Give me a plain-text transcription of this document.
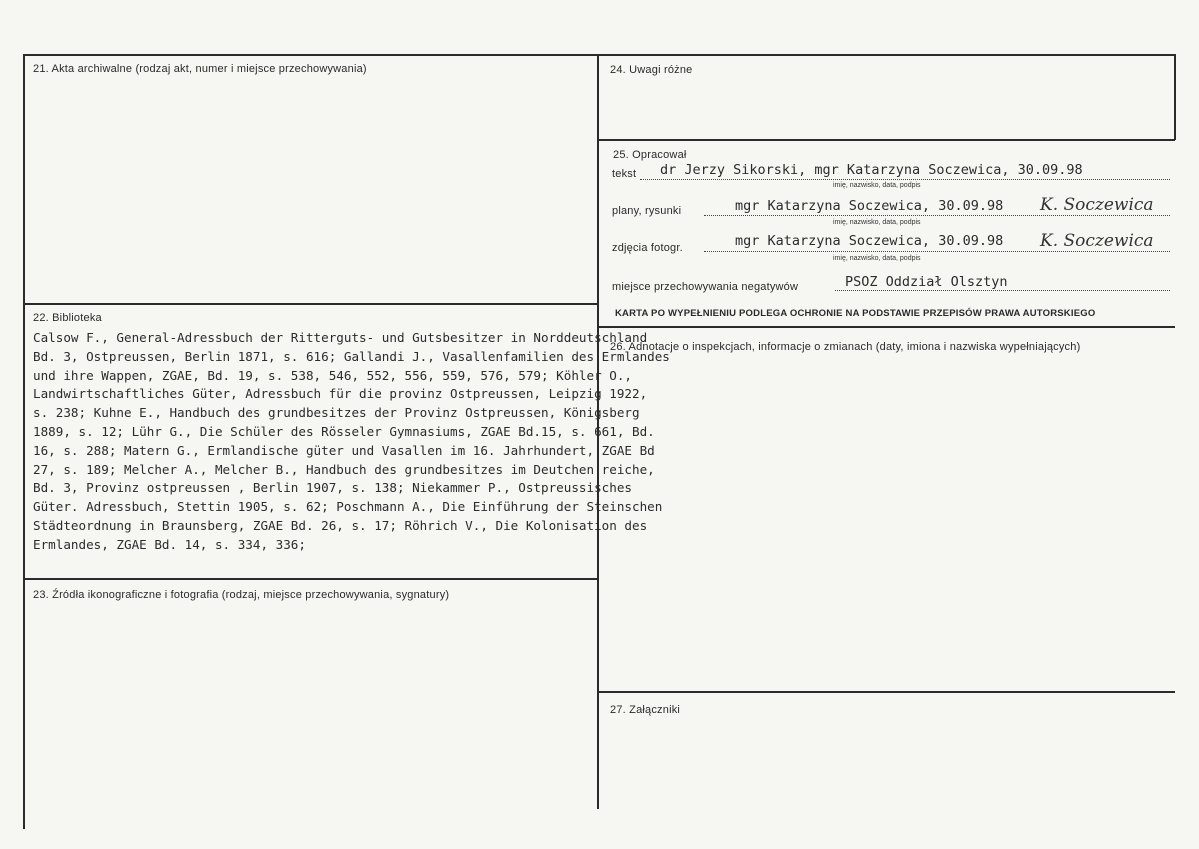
21. Akta archiwalne (rodzaj akt, numer i miejsce przechowywania)
22. Biblioteka
23. Źródła ikonograficzne i fotografia (rodzaj, miejsce przechowywania, sygnatury)
24. Uwagi różne
25. Opracował
26. Adnotacje o inspekcjach, informacje o zmianach (daty, imiona i nazwiska wypełniających)
27. Załączniki
tekst dr Jerzy Sikorski, mgr Katarzyna Soczewica, 30.09.98
imię, nazwisko, data, podpis
plany, rysunki	mgr Katarzyna Soczewica, 30.09.98 K. Soczewica
imię, nazwisko, data, podpis
zdjęcia fotogr.	mgr Katarzyna Soczewica, 30.09.98 K. Soczewica
imię, nazwisko, data, podpis
miejsce przechowywania negatywów	PSOZ Oddział Olsztyn
KARTA PO WYPEŁNIENIU PODLEGA OCHRONIE NA PODSTAWIE PRZEPISÓW PRAWA AUTORSKIEGO
Calsow F., General-Adressbuch der Ritterguts- und Gutsbesitzer in Norddeutschland
Bd. 3, Ostpreussen, Berlin 1871, s. 616; Gallandi J., Vasallenfamilien des Ermlandes
und ihre Wappen, ZGAE, Bd. 19, s. 538, 546, 552, 556, 559, 576, 579; Köhler O.,
Landwirtschaftliches Güter, Adressbuch für die provinz Ostpreussen, Leipzig 1922,
s. 238; Kuhne E., Handbuch des grundbesitzes der Provinz Ostpreussen, Königsberg
1889, s. 12; Lühr G., Die Schüler des Rösseler Gymnasiums, ZGAE Bd.15, s. 661, Bd.
16, s. 288; Matern G., Ermlandische güter und Vasallen im 16. Jahrhundert, ZGAE Bd
27, s. 189; Melcher A., Melcher B., Handbuch des grundbesitzes im Deutchen reiche,
Bd. 3, Provinz ostpreussen , Berlin 1907, s. 138; Niekammer P., Ostpreussisches
Güter. Adressbuch, Stettin 1905, s. 62; Poschmann A., Die Einführung der Steinschen
Städteordnung in Braunsberg, ZGAE Bd. 26, s. 17; Röhrich V., Die Kolonisation des
Ermlandes, ZGAE Bd. 14, s. 334, 336;
